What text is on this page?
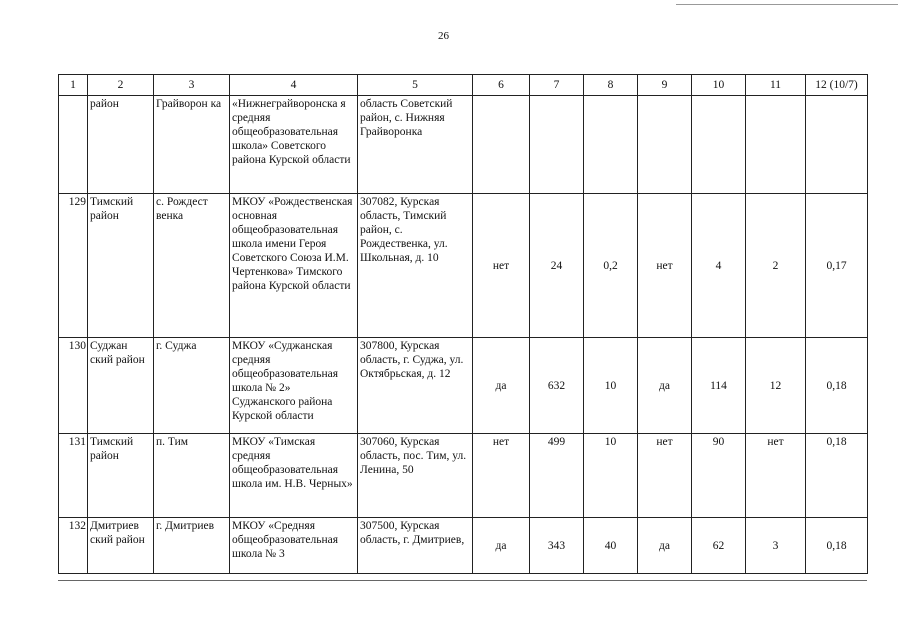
26
1	2	3	4	5	6	7	8	9	10	11	12 (10/7)
	район	Грайворон ка	«Нижнеграйворонска я средняя общеобразовательная школа» Советского района Курской области	область Советский район, с. Нижняя Грайворонка							
129	Тимский район	с. Рождест венка	МКОУ «Рождественская основная общеобразовательная школа имени Героя Советского Союза И.М. Чертенкова» Тимского района Курской области	307082, Курская область, Тимский район, с. Рождественка, ул. Школьная, д. 10	нет	24	0,2	нет	4	2	0,17
130	Суджан ский район	г. Суджа	МКОУ «Суджанская средняя общеобразовательная школа № 2» Суджанского района Курской области	307800, Курская область, г. Суджа, ул. Октябрьская, д. 12	да	632	10	да	114	12	0,18
131	Тимский район	п. Тим	МКОУ «Тимская средняя общеобразовательная школа им. Н.В. Черных»	307060, Курская область, пос. Тим, ул. Ленина, 50	нет	499	10	нет	90	нет	0,18
132	Дмитриев ский район	г. Дмитриев	МКОУ «Средняя общеобразовательная школа № 3	307500, Курская область, г. Дмитриев,	да	343	40	да	62	3	0,18
